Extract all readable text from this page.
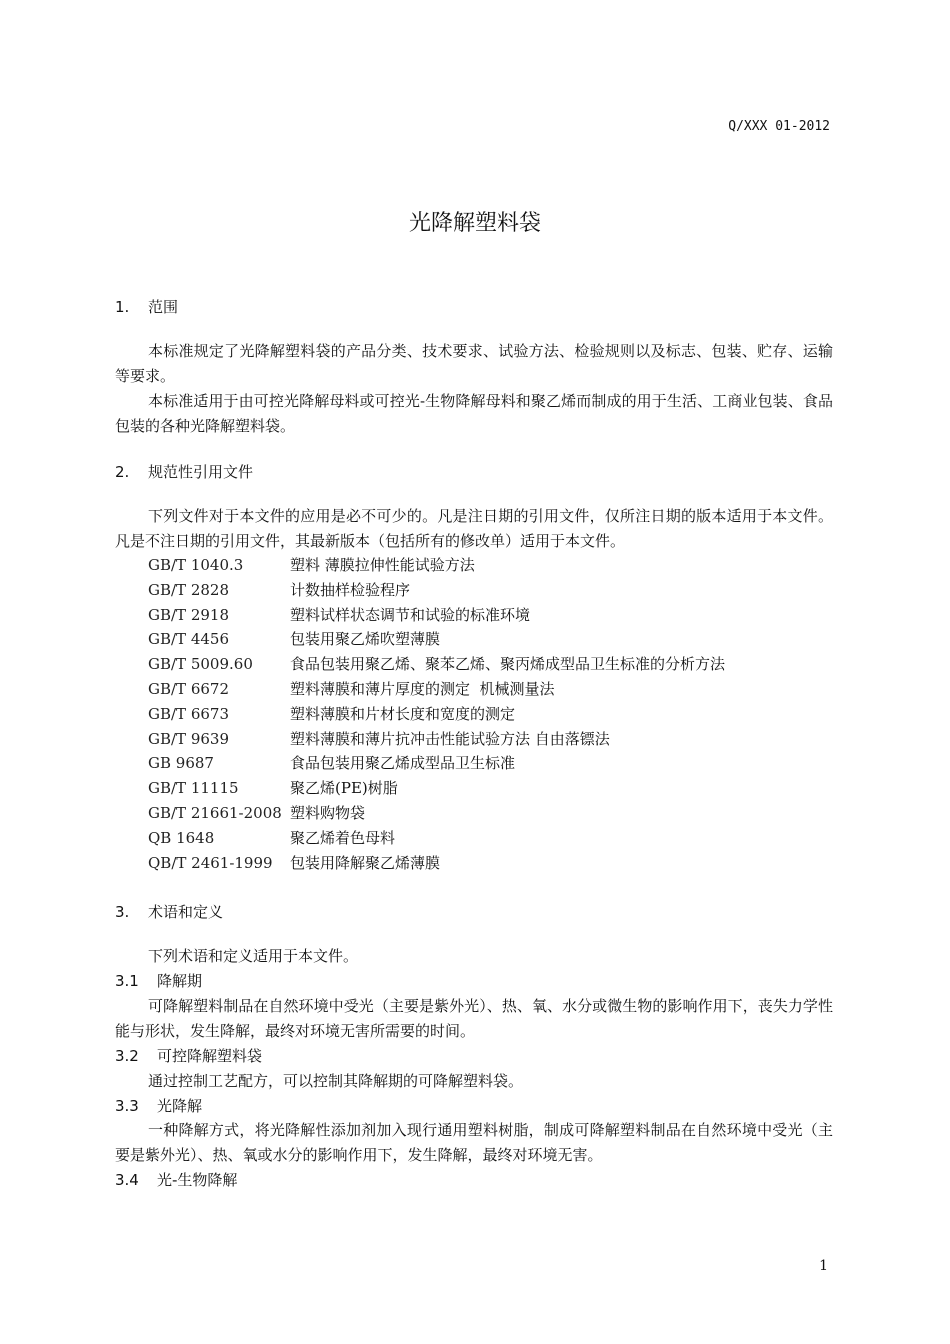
Q/XXX 01-2012
光降解塑料袋
1. 范围
本标准规定了光降解塑料袋的产品分类、技术要求、试验方法、检验规则以及标志、包装、贮存、运输等要求。
本标准适用于由可控光降解母料或可控光-生物降解母料和聚乙烯而制成的用于生活、工商业包装、食品包装的各种光降解塑料袋。
2. 规范性引用文件
下列文件对于本文件的应用是必不可少的。凡是注日期的引用文件，仅所注日期的版本适用于本文件。凡是不注日期的引用文件，其最新版本（包括所有的修改单）适用于本文件。
GB/T 1040.3	塑料 薄膜拉伸性能试验方法
GB/T 2828	计数抽样检验程序
GB/T 2918	塑料试样状态调节和试验的标准环境
GB/T 4456	包装用聚乙烯吹塑薄膜
GB/T 5009.60 食品包装用聚乙烯、聚苯乙烯、聚丙烯成型品卫生标准的分析方法
GB/T 6672	塑料薄膜和薄片厚度的测定  机械测量法
GB/T 6673	塑料薄膜和片材长度和宽度的测定
GB/T 9639	塑料薄膜和薄片抗冲击性能试验方法 自由落镖法
GB 9687	食品包装用聚乙烯成型品卫生标准
GB/T 11115	聚乙烯(PE)树脂
GB/T 21661-2008 塑料购物袋
QB 1648	聚乙烯着色母料
QB/T 2461-1999 包装用降解聚乙烯薄膜
3. 术语和定义
下列术语和定义适用于本文件。
3.1 降解期
可降解塑料制品在自然环境中受光（主要是紫外光）、热、氧、水分或微生物的影响作用下，丧失力学性能与形状，发生降解，最终对环境无害所需要的时间。
3.2 可控降解塑料袋
通过控制工艺配方，可以控制其降解期的可降解塑料袋。
3.3 光降解
一种降解方式，将光降解性添加剂加入现行通用塑料树脂，制成可降解塑料制品在自然环境中受光（主要是紫外光）、热、氧或水分的影响作用下，发生降解，最终对环境无害。
3.4 光-生物降解
1
